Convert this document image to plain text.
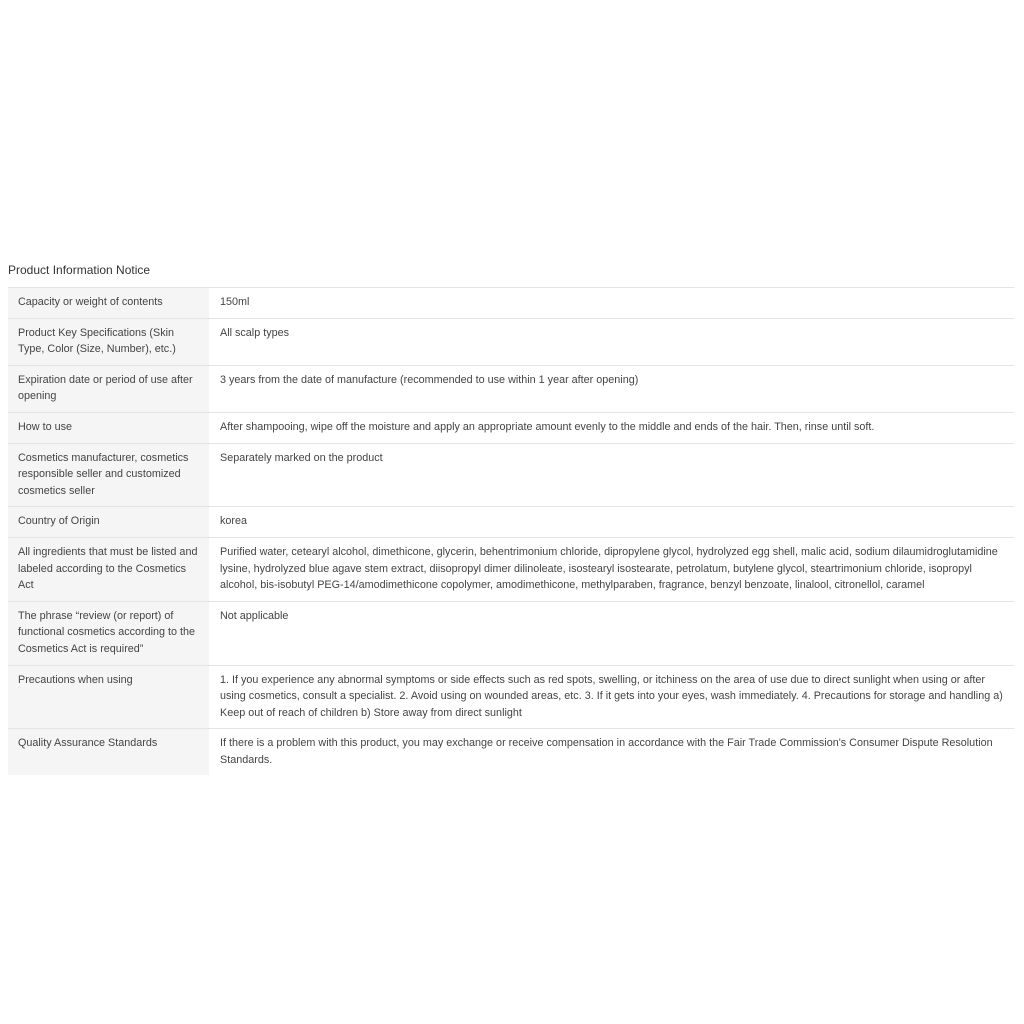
Product Information Notice
Capacity or weight of contents	150ml
Product Key Specifications (Skin Type, Color (Size, Number), etc.)	All scalp types
Expiration date or period of use after opening	3 years from the date of manufacture (recommended to use within 1 year after opening)
How to use	After shampooing, wipe off the moisture and apply an appropriate amount evenly to the middle and ends of the hair. Then, rinse until soft.
Cosmetics manufacturer, cosmetics responsible seller and customized cosmetics seller	Separately marked on the product
Country of Origin	korea
All ingredients that must be listed and labeled according to the Cosmetics Act	Purified water, cetearyl alcohol, dimethicone, glycerin, behentrimonium chloride, dipropylene glycol, hydrolyzed egg shell, malic acid, sodium dilaumidroglutamidine lysine, hydrolyzed blue agave stem extract, diisopropyl dimer dilinoleate, isostearyl isostearate, petrolatum, butylene glycol, steartrimonium chloride, isopropyl alcohol, bis-isobutyl PEG-14/amodimethicone copolymer, amodimethicone, methylparaben, fragrance, benzyl benzoate, linalool, citronellol, caramel
The phrase “review (or report) of functional cosmetics according to the Cosmetics Act is required”	Not applicable
Precautions when using	1. If you experience any abnormal symptoms or side effects such as red spots, swelling, or itchiness on the area of use due to direct sunlight when using or after using cosmetics, consult a specialist. 2. Avoid using on wounded areas, etc. 3. If it gets into your eyes, wash immediately. 4. Precautions for storage and handling a) Keep out of reach of children b) Store away from direct sunlight
Quality Assurance Standards	If there is a problem with this product, you may exchange or receive compensation in accordance with the Fair Trade Commission's Consumer Dispute Resolution Standards.
